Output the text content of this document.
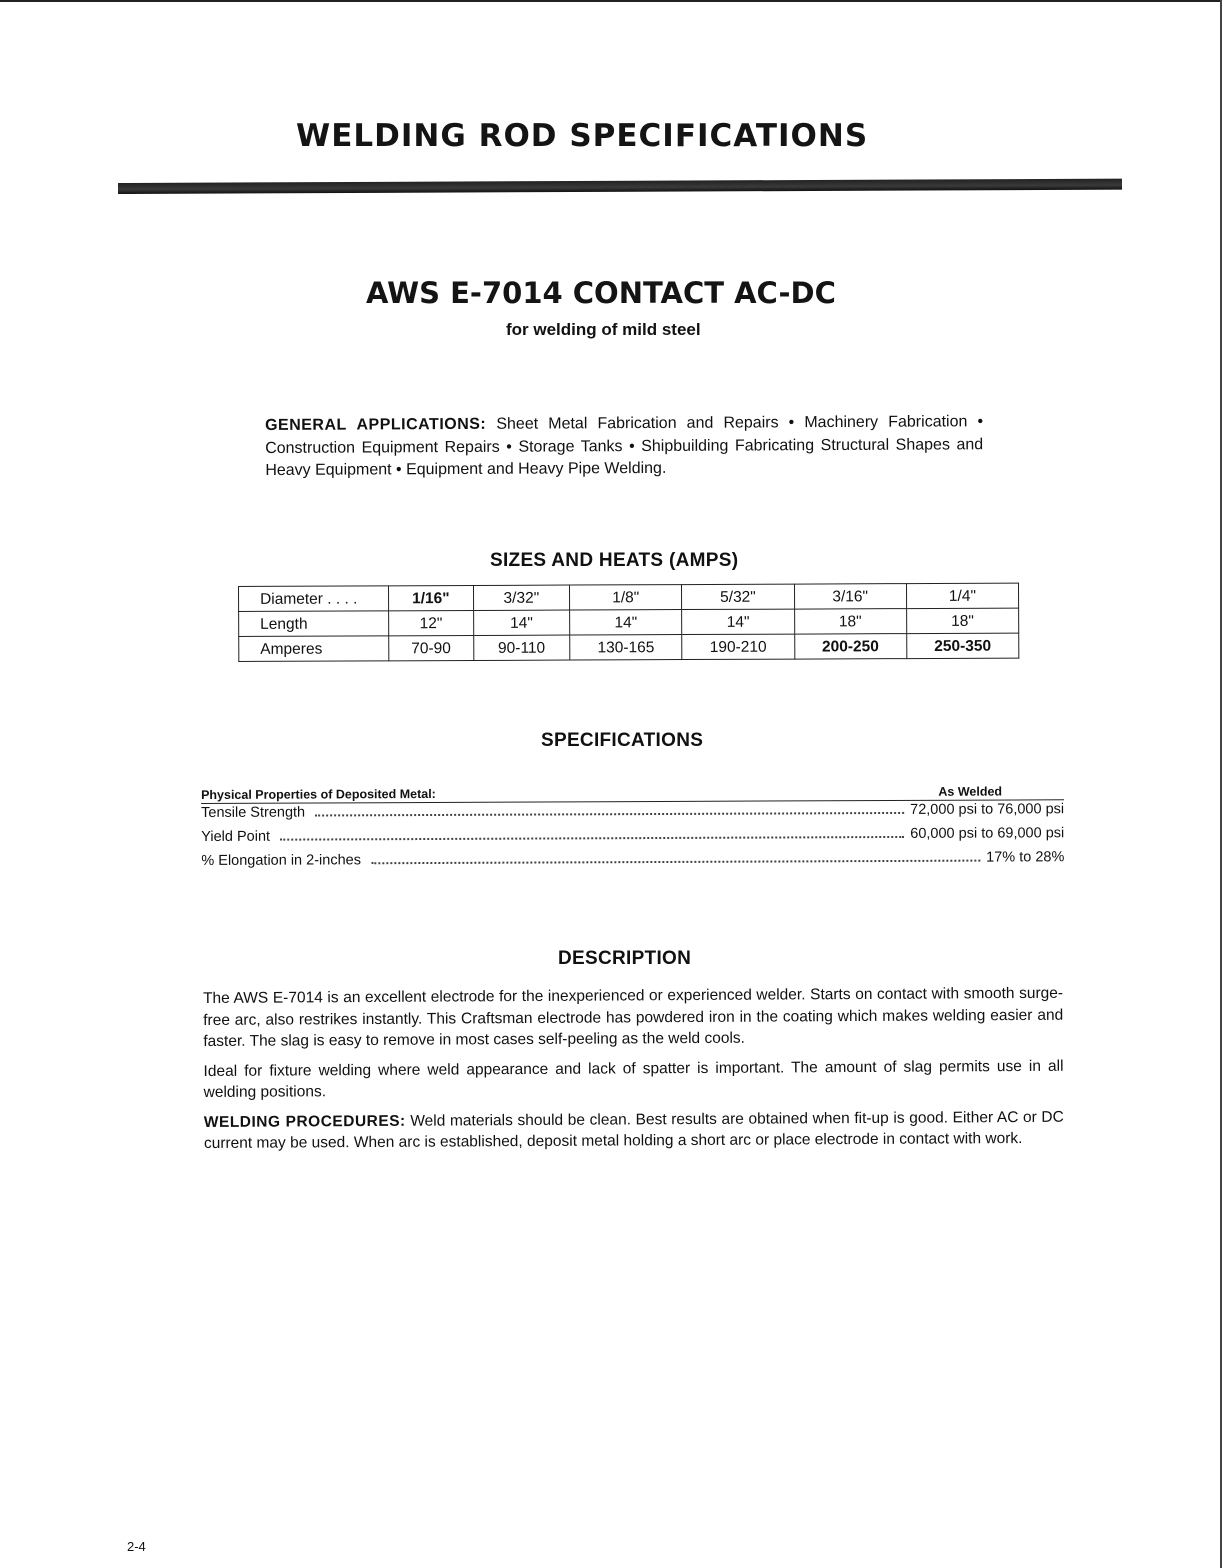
WELDING ROD SPECIFICATIONS
AWS E-7014 CONTACT AC-DC
for welding of mild steel
GENERAL APPLICATIONS: Sheet Metal Fabrication and Repairs • Machinery Fabrication • Construction Equipment Repairs • Storage Tanks • Shipbuilding Fabricating Structural Shapes and Heavy Equipment • Equipment and Heavy Pipe Welding.
SIZES AND HEATS (AMPS)
Diameter . . . .	1/16"	3/32"	1/8"	5/32"	3/16"	1/4"
Length	12"	14"	14"	14"	18"	18"
Amperes	70-90	90-110	130-165	190-210	200-250	250-350
SPECIFICATIONS
Physical Properties of Deposited Metal:	As Welded
Tensile Strength	72,000 psi to 76,000 psi
Yield Point	60,000 psi to 69,000 psi
% Elongation in 2-inches	17% to 28%
DESCRIPTION

The AWS E-7014 is an excellent electrode for the inexperienced or experienced welder. Starts on contact with smooth surge-free arc, also restrikes instantly. This Craftsman electrode has powdered iron in the coating which makes welding easier and faster. The slag is easy to remove in most cases self-peeling as the weld cools.

Ideal for fixture welding where weld appearance and lack of spatter is important. The amount of slag permits use in all welding positions.

WELDING PROCEDURES: Weld materials should be clean. Best results are obtained when fit-up is good. Either AC or DC current may be used. When arc is established, deposit metal holding a short arc or place electrode in contact with work.

2-4
